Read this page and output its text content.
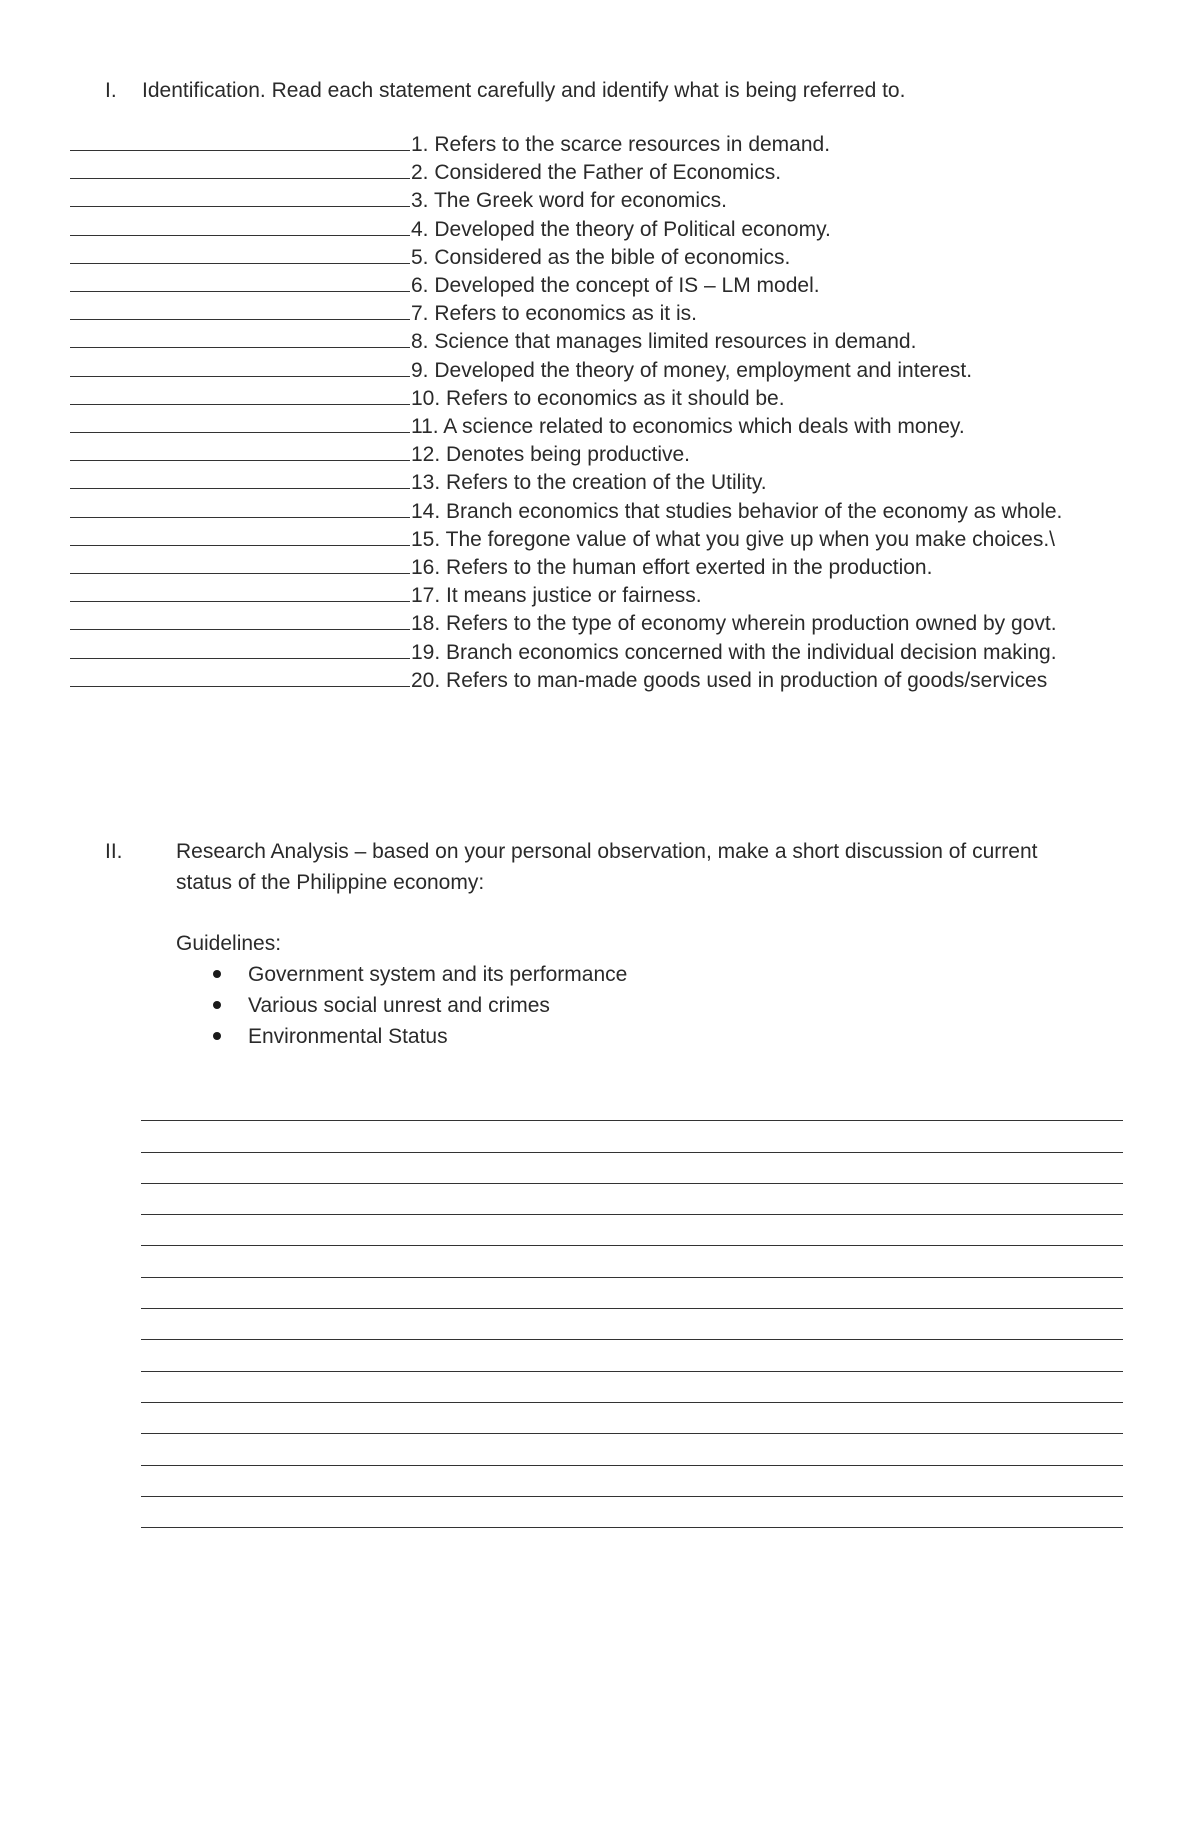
I. Identification. Read each statement carefully and identify what is being referred to.
1. Refers to the scarce resources in demand.
2. Considered the Father of Economics.
3. The Greek word for economics.
4. Developed the theory of Political economy.
5. Considered as the bible of economics.
6. Developed the concept of IS – LM model.
7. Refers to economics as it is.
8. Science that manages limited resources in demand.
9. Developed the theory of money, employment and interest.
10. Refers to economics as it should be.
11. A science related to economics which deals with money.
12. Denotes being productive.
13. Refers to the creation of the Utility.
14. Branch economics that studies behavior of the economy as whole.
15. The foregone value of what you give up when you make choices.\
16. Refers to the human effort exerted in the production.
17. It means justice or fairness.
18. Refers to the type of economy wherein production owned by govt.
19. Branch economics concerned with the individual decision making.
20. Refers to man-made goods used in production of goods/services
II.	Research Analysis – based on your personal observation, make a short discussion of current status of the Philippine economy:
Guidelines:
Government system and its performance
Various social unrest and crimes
Environmental Status
